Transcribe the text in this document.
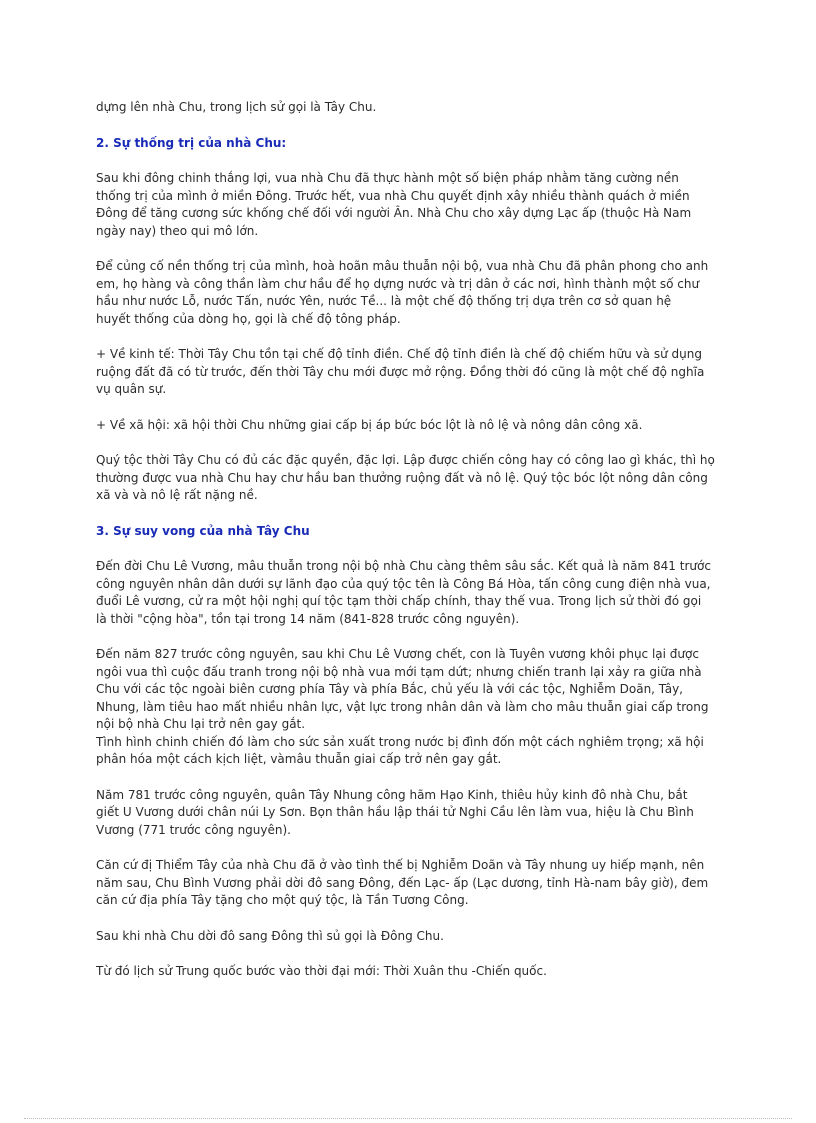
dựng lên nhà Chu, trong lịch sử gọi là Tây Chu.
2. Sự thống trị của nhà Chu:
Sau khi đông chinh thắng lợi, vua nhà Chu đã thực hành một số biện pháp nhằm tăng cường nền
thống trị của mình ở miền Đông. Trước hết, vua nhà Chu quyết định xây nhiều thành quách ở miền
Đông để tăng cương sức khống chế đối với người Ân. Nhà Chu cho xây dựng Lạc ấp (thuộc Hà Nam
ngày nay) theo qui mô lớn.
Để củng cố nền thống trị của mình, hoà hoãn mâu thuẫn nội bộ, vua nhà Chu đã phân phong cho anh
em, họ hàng và công thần làm chư hầu để họ dựng nước và trị dân ở các nơi, hình thành một số chư
hầu như nước Lỗ, nước Tấn, nước Yên, nước Tề... là một chế độ thống trị dựa trên cơ sở quan hệ
huyết thống của dòng họ, gọi là chế độ tông pháp.
+ Về kinh tế: Thời Tây Chu tồn tại chế độ tỉnh điền. Chế độ tỉnh điền là chế độ chiếm hữu và sử dụng
ruộng đất đã có từ trước, đến thời Tây chu mới được mở rộng. Đồng thời đó cũng là một chế độ nghĩa
vụ quân sự.
+ Về xã hội: xã hội thời Chu những giai cấp bị áp bức bóc lột là nô lệ và nông dân công xã.
Quý tộc thời Tây Chu có đủ các đặc quyền, đặc lợi. Lập được chiến công hay có công lao gì khác, thì họ
thường được vua nhà Chu hay chư hầu ban thưởng ruộng đất và nô lệ. Quý tộc bóc lột nông dân công
xã và và nô lệ rất nặng nề.
3. Sự suy vong của nhà Tây Chu
Đến đời Chu Lê Vương, mâu thuẫn trong nội bộ nhà Chu càng thêm sâu sắc. Kết quả là năm 841 trước
công nguyên nhân dân dưới sự lãnh đạo của quý tộc tên là Công Bá Hòa, tấn công cung điện nhà vua,
đuổi Lê vương, cử ra một hội nghị quí tộc tạm thời chấp chính, thay thế vua. Trong lịch sử thời đó gọi
là thời "cộng hòa", tồn tại trong 14 năm (841-828 trước công nguyên).
Đến năm 827 trước công nguyên, sau khi Chu Lê Vương chết, con là Tuyên vương khôi phục lại được
ngôi vua thì cuộc đấu tranh trong nội bộ nhà vua mới tạm dứt; nhưng chiến tranh lại xảy ra giữa nhà
Chu với các tộc ngoài biên cương phía Tây và phía Bắc, chủ yếu là với các tộc, Nghiễm Doãn, Tây,
Nhung, làm tiêu hao mất nhiều nhân lực, vật lực trong nhân dân và làm cho mâu thuẫn giai cấp trong
nội bộ nhà Chu lại trở nên gay gắt.
Tình hình chinh chiến đó làm cho sức sản xuất trong nước bị đình đốn một cách nghiêm trọng; xã hội
phân hóa một cách kịch liệt, vàmâu thuẫn giai cấp trở nên gay gắt.
Năm 781 trước công nguyên, quân Tây Nhung công hãm Hạo Kinh, thiêu hủy kinh đô nhà Chu, bắt
giết U Vương dưới chân núi Ly Sơn. Bọn thân hầu lập thái tử Nghi Cầu lên làm vua, hiệu là Chu Bình
Vương (771 trước công nguyên).
Căn cứ đị Thiểm Tây của nhà Chu đã ở vào tình thế bị Nghiễm Doãn và Tây nhung uy hiếp mạnh, nên
năm sau, Chu Bình Vương phải dời đô sang Đông, đến Lạc- ấp (Lạc dương, tỉnh Hà-nam bây giờ), đem
căn cứ địa phía Tây tặng cho một quý tộc, là Tần Tương Công.
Sau khi nhà Chu dời đô sang Đông thì sủ gọi là Đông Chu.
Từ đó lịch sử Trung quốc bước vào thời đại mới: Thời Xuân thu -Chiến quốc.
